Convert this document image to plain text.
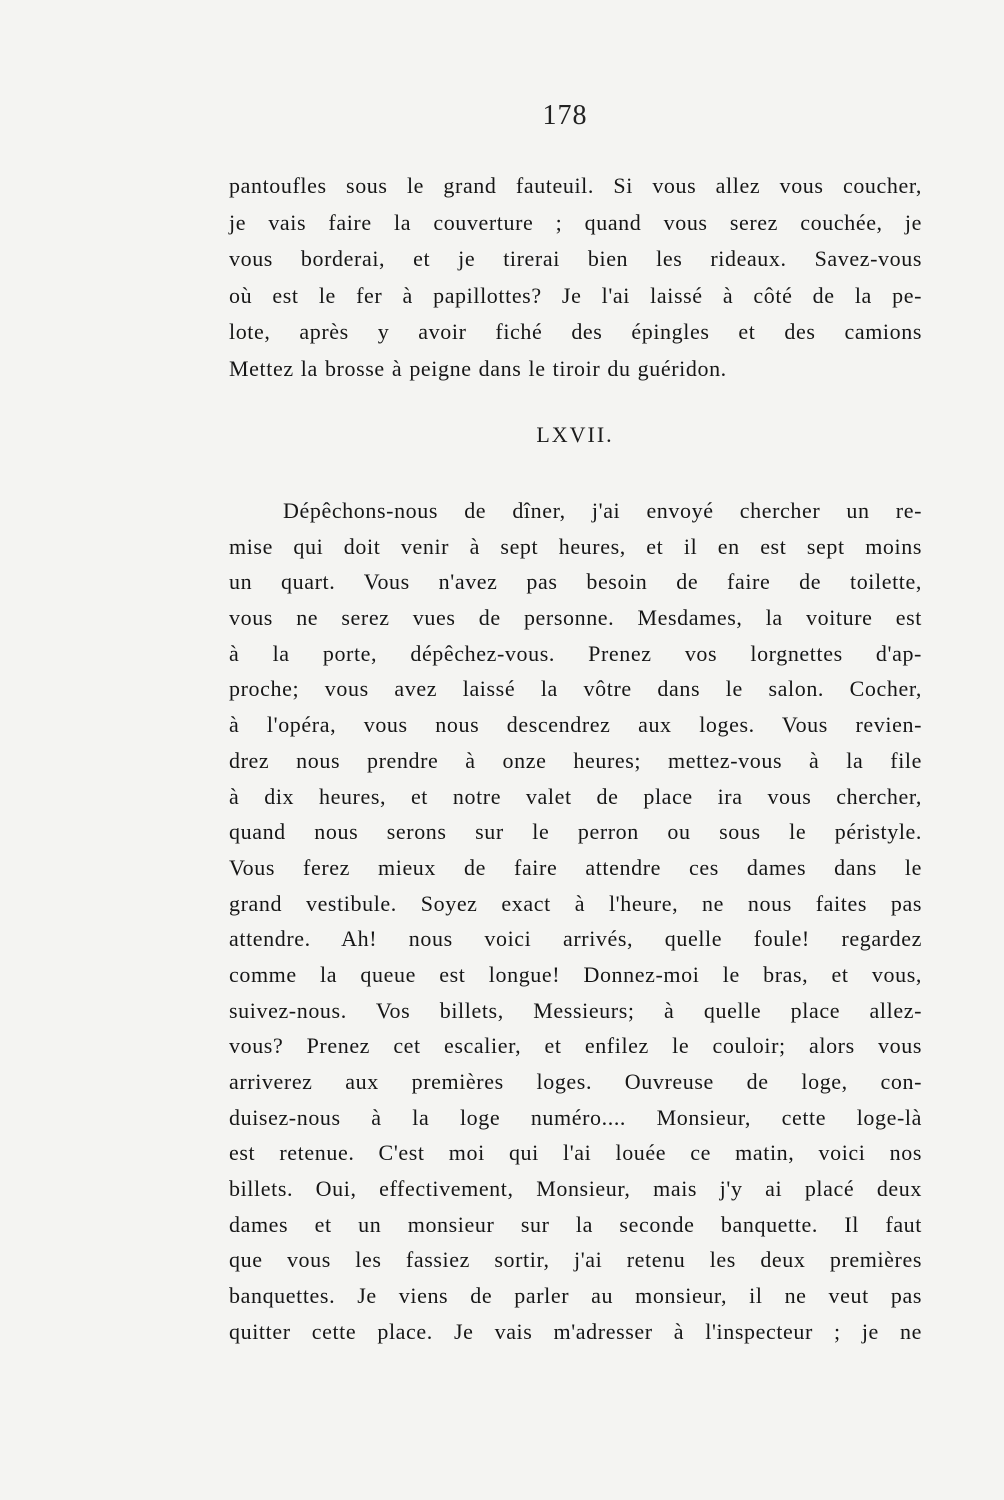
178
pantoufles sous le grand fauteuil. Si vous allez vous coucher,
je vais faire la couverture ; quand vous serez couchée, je
vous borderai, et je tirerai bien les rideaux. Savez-vous
où est le fer à papillottes? Je l'ai laissé à côté de la pe-
lote, après y avoir fiché des épingles et des camions
Mettez la brosse à peigne dans le tiroir du guéridon.
LXVII.
Dépêchons-nous de dîner, j'ai envoyé chercher un re-
mise qui doit venir à sept heures, et il en est sept moins
un quart. Vous n'avez pas besoin de faire de toilette,
vous ne serez vues de personne. Mesdames, la voiture est
à la porte, dépêchez-vous. Prenez vos lorgnettes d'ap-
proche; vous avez laissé la vôtre dans le salon. Cocher,
à l'opéra, vous nous descendrez aux loges. Vous revien-
drez nous prendre à onze heures; mettez-vous à la file
à dix heures, et notre valet de place ira vous chercher,
quand nous serons sur le perron ou sous le péristyle.
Vous ferez mieux de faire attendre ces dames dans le
grand vestibule. Soyez exact à l'heure, ne nous faites pas
attendre. Ah! nous voici arrivés, quelle foule! regardez
comme la queue est longue! Donnez-moi le bras, et vous,
suivez-nous. Vos billets, Messieurs; à quelle place allez-
vous? Prenez cet escalier, et enfilez le couloir; alors vous
arriverez aux premières loges. Ouvreuse de loge, con-
duisez-nous à la loge numéro.... Monsieur, cette loge-là
est retenue. C'est moi qui l'ai louée ce matin, voici nos
billets. Oui, effectivement, Monsieur, mais j'y ai placé deux
dames et un monsieur sur la seconde banquette. Il faut
que vous les fassiez sortir, j'ai retenu les deux premières
banquettes. Je viens de parler au monsieur, il ne veut pas
quitter cette place. Je vais m'adresser à l'inspecteur ; je ne
